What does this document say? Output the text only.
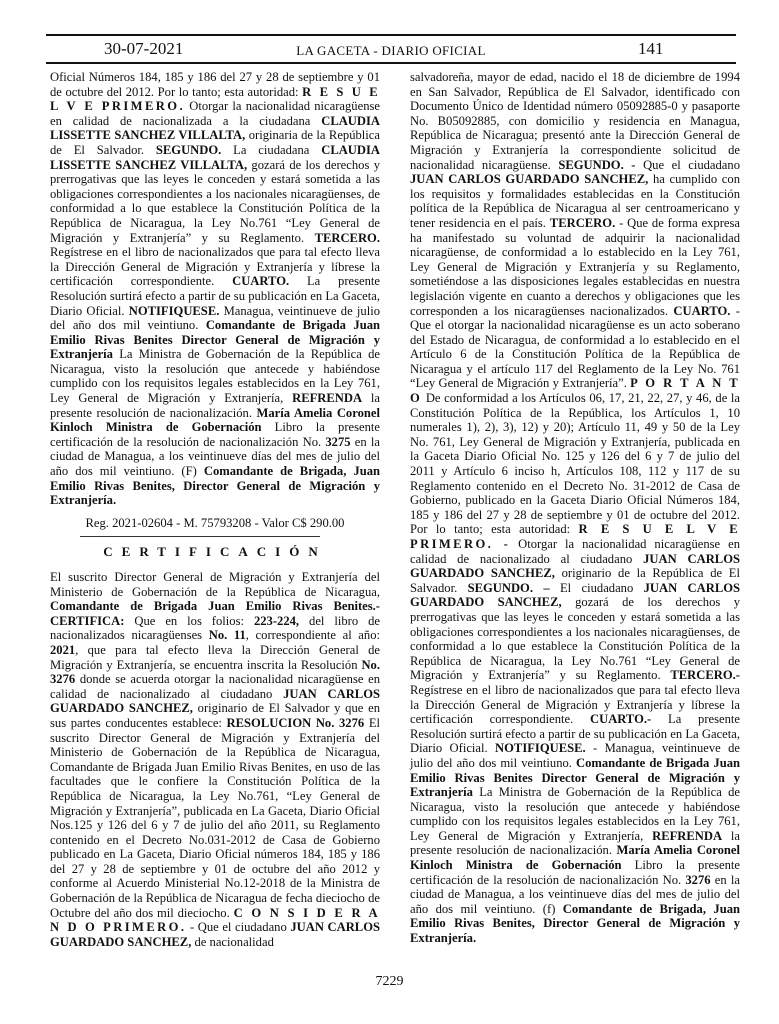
30-07-2021	LA GACETA - DIARIO OFICIAL	141

Oficial Números 184, 185 y 186 del 27 y 28 de septiembre y 01 de octubre del 2012. Por lo tanto; esta autoridad: R E S U E L V E PRIMERO. Otorgar la nacionalidad nicaragüense en calidad de nacionalizada a la ciudadana CLAUDIA LISSETTE SANCHEZ VILLALTA, originaria de la República de El Salvador. SEGUNDO. La ciudadana CLAUDIA LISSETTE SANCHEZ VILLALTA, gozará de los derechos y prerrogativas que las leyes le conceden y estará sometida a las obligaciones correspondientes a los nacionales nicaragüenses, de conformidad a lo que establece la Constitución Política de la República de Nicaragua, la Ley No.761 “Ley General de Migración y Extranjería” y su Reglamento. TERCERO. Regístrese en el libro de nacionalizados que para tal efecto lleva la Dirección General de Migración y Extranjería y líbrese la certificación correspondiente. CUARTO. La presente Resolución surtirá efecto a partir de su publicación en La Gaceta, Diario Oficial. NOTIFIQUESE. Managua, veintinueve de julio del año dos mil veintiuno. Comandante de Brigada Juan Emilio Rivas Benites Director General de Migración y Extranjería La Ministra de Gobernación de la República de Nicaragua, visto la resolución que antecede y habiéndose cumplido con los requisitos legales establecidos en la Ley 761, Ley General de Migración y Extranjería, REFRENDA la presente resolución de nacionalización. María Amelia Coronel Kinloch Ministra de Gobernación Libro la presente certificación de la resolución de nacionalización No. 3275 en la ciudad de Managua, a los veintinueve días del mes de julio del año dos mil veintiuno. (F) Comandante de Brigada, Juan Emilio Rivas Benites, Director General de Migración y Extranjería.

Reg. 2021-02604 - M. 75793208 - Valor C$ 290.00

CERTIFICACIÓN

El suscrito Director General de Migración y Extranjería del Ministerio de Gobernación de la República de Nicaragua, Comandante de Brigada Juan Emilio Rivas Benites.- CERTIFICA: Que en los folios: 223-224, del libro de nacionalizados nicaragüenses No. 11, correspondiente al año: 2021, que para tal efecto lleva la Dirección General de Migración y Extranjería, se encuentra inscrita la Resolución No. 3276 donde se acuerda otorgar la nacionalidad nicaragüense en calidad de nacionalizado al ciudadano JUAN CARLOS GUARDADO SANCHEZ, originario de El Salvador y que en sus partes conducentes establece: RESOLUCION No. 3276 El suscrito Director General de Migración y Extranjería del Ministerio de Gobernación de la República de Nicaragua, Comandante de Brigada Juan Emilio Rivas Benites, en uso de las facultades que le confiere la Constitución Política de la República de Nicaragua, la Ley No.761, “Ley General de Migración y Extranjería”, publicada en La Gaceta, Diario Oficial Nos.125 y 126 del 6 y 7 de julio del año 2011, su Reglamento contenido en el Decreto No.031-2012 de Casa de Gobierno publicado en La Gaceta, Diario Oficial números 184, 185 y 186 del 27 y 28 de septiembre y 01 de octubre del año 2012 y conforme al Acuerdo Ministerial No.12-2018 de la Ministra de Gobernación de la República de Nicaragua de fecha dieciocho de Octubre del año dos mil dieciocho. C O N S I D E R A N D O PRIMERO. - Que el ciudadano JUAN CARLOS GUARDADO SANCHEZ, de nacionalidad

salvadoreña, mayor de edad, nacido el 18 de diciembre de 1994 en San Salvador, República de El Salvador, identificado con Documento Único de Identidad número 05092885-0 y pasaporte No. B05092885, con domicilio y residencia en Managua, República de Nicaragua; presentó ante la Dirección General de Migración y Extranjería la correspondiente solicitud de nacionalidad nicaragüense. SEGUNDO. - Que el ciudadano JUAN CARLOS GUARDADO SANCHEZ, ha cumplido con los requisitos y formalidades establecidas en la Constitución política de la República de Nicaragua al ser centroamericano y tener residencia en el país. TERCERO. - Que de forma expresa ha manifestado su voluntad de adquirir la nacionalidad nicaragüense, de conformidad a lo establecido en la Ley 761, Ley General de Migración y Extranjería y su Reglamento, sometiéndose a las disposiciones legales establecidas en nuestra legislación vigente en cuanto a derechos y obligaciones que les corresponden a los nicaragüenses nacionalizados. CUARTO. - Que el otorgar la nacionalidad nicaragüense es un acto soberano del Estado de Nicaragua, de conformidad a lo establecido en el Artículo 6 de la Constitución Política de la República de Nicaragua y el artículo 117 del Reglamento de la Ley No. 761 “Ley General de Migración y Extranjería”. P O R T A N T O De conformidad a los Artículos 06, 17, 21, 22, 27, y 46, de la Constitución Política de la República, los Artículos 1, 10 numerales 1), 2), 3), 12) y 20); Artículo 11, 49 y 50 de la Ley No. 761, Ley General de Migración y Extranjería, publicada en la Gaceta Diario Oficial No. 125 y 126 del 6 y 7 de julio del 2011 y Artículo 6 inciso h, Artículos 108, 112 y 117 de su Reglamento contenido en el Decreto No. 31-2012 de Casa de Gobierno, publicado en la Gaceta Diario Oficial Números 184, 185 y 186 del 27 y 28 de septiembre y 01 de octubre del 2012. Por lo tanto; esta autoridad: R E S U E L V E PRIMERO. - Otorgar la nacionalidad nicaragüense en calidad de nacionalizado al ciudadano JUAN CARLOS GUARDADO SANCHEZ, originario de la República de El Salvador. SEGUNDO. – El ciudadano JUAN CARLOS GUARDADO SANCHEZ, gozará de los derechos y prerrogativas que las leyes le conceden y estará sometida a las obligaciones correspondientes a los nacionales nicaragüenses, de conformidad a lo que establece la Constitución Política de la República de Nicaragua, la Ley No.761 “Ley General de Migración y Extranjería” y su Reglamento. TERCERO.- Regístrese en el libro de nacionalizados que para tal efecto lleva la Dirección General de Migración y Extranjería y líbrese la certificación correspondiente. CUARTO.- La presente Resolución surtirá efecto a partir de su publicación en La Gaceta, Diario Oficial. NOTIFIQUESE. - Managua, veintinueve de julio del año dos mil veintiuno. Comandante de Brigada Juan Emilio Rivas Benites Director General de Migración y Extranjería La Ministra de Gobernación de la República de Nicaragua, visto la resolución que antecede y habiéndose cumplido con los requisitos legales establecidos en la Ley 761, Ley General de Migración y Extranjería, REFRENDA la presente resolución de nacionalización. María Amelia Coronel Kinloch Ministra de Gobernación Libro la presente certificación de la resolución de nacionalización No. 3276 en la ciudad de Managua, a los veintinueve días del mes de julio del año dos mil veintiuno. (f) Comandante de Brigada, Juan Emilio Rivas Benites, Director General de Migración y Extranjería.

7229
